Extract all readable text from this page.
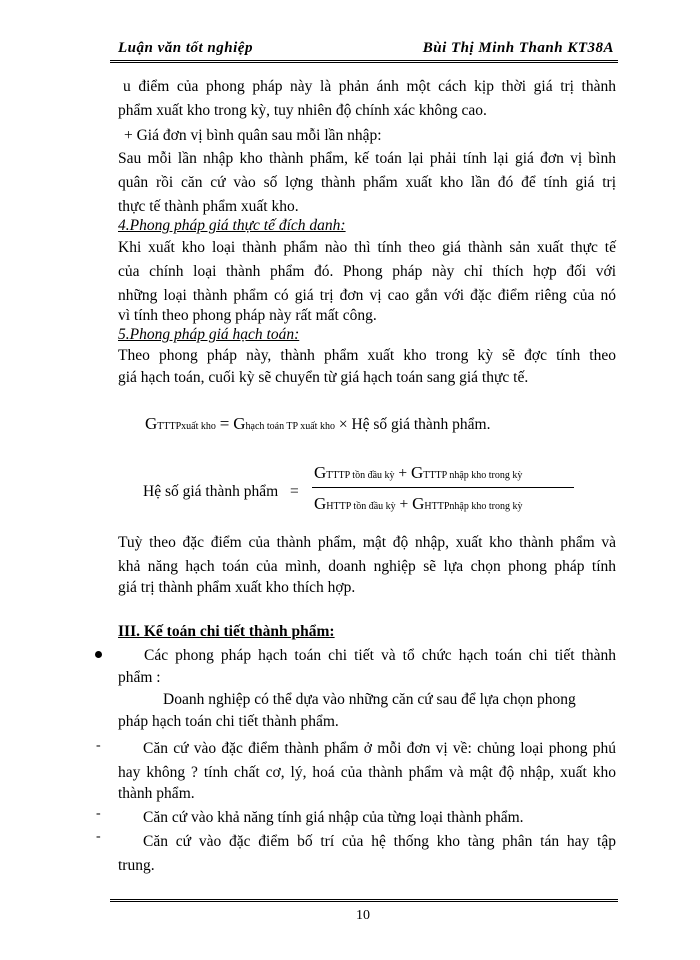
Luận văn tốt nghiệp	Bùi Thị Minh Thanh KT38A
u điểm của phong pháp này là phản ánh một cách kịp thời giá trị thành
phẩm xuất kho trong kỳ, tuy nhiên độ chính xác không cao.
+ Giá đơn vị bình quân sau mỗi lần nhập:
Sau mỗi lần nhập kho thành phẩm, kế toán lại phải tính lại giá đơn vị bình
quân rồi căn cứ vào số lợng thành phẩm xuất kho lần đó để tính giá trị
thực tế thành phẩm xuất kho.
4.Phong pháp giá thực tế đích danh:
Khi xuất kho loại thành phẩm nào thì tính theo giá thành sản xuất thực tế
của chính loại thành phẩm đó. Phong pháp này chỉ thích hợp đối với
những loại thành phẩm có giá trị đơn vị cao gắn với đặc điểm riêng của nó
vì tính theo phong pháp này rất mất công.
5.Phong pháp giá hạch toán:
Theo phong pháp này, thành phẩm xuất kho trong kỳ sẽ đợc tính theo
giá hạch toán, cuối kỳ sẽ chuyển từ giá hạch toán sang giá thực tế.
GTTTPxuất kho = Ghạch toán TP xuất kho × Hệ số giá thành phẩm.
Hệ số giá thành phẩm =
GTTTP tồn đầu kỳ + GTTTP nhập kho trong kỳ
GHTTP tồn đầu kỳ + GHTTPnhập kho trong kỳ
Tuỳ theo đặc điểm của thành phẩm, mật độ nhập, xuất kho thành phẩm và
khả năng hạch toán của mình, doanh nghiệp sẽ lựa chọn phong pháp tính
giá trị thành phẩm xuất kho thích hợp.
III. Kế toán chi tiết thành phẩm:
Các phong pháp hạch toán chi tiết và tổ chức hạch toán chi tiết thành
phẩm :
Doanh nghiệp có thể dựa vào những căn cứ sau để lựa chọn phong
pháp hạch toán chi tiết thành phẩm.
-	Căn cứ vào đặc điểm thành phẩm ở mỗi đơn vị về: chủng loại phong phú
hay không ? tính chất cơ, lý, hoá của thành phẩm và mật độ nhập, xuất kho
thành phẩm.
-	Căn cứ vào khả năng tính giá nhập của từng loại thành phẩm.
-	Căn cứ vào đặc điểm bố trí của hệ thống kho tàng phân tán hay tập
trung.
10
